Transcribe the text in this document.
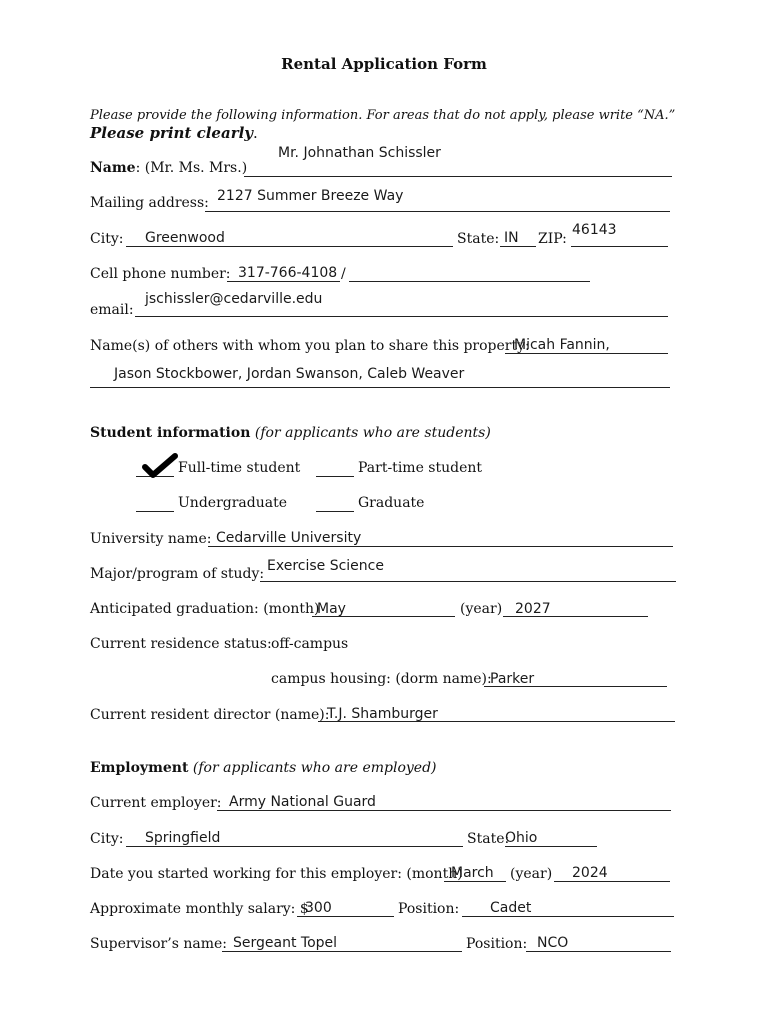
Rental Application Form
Please provide the following information. For areas that do not apply, please write “NA.”
Please print clearly.
Name: (Mr. Ms. Mrs.)
Mr. Johnathan Schissler
Mailing address: 2127 Summer Breeze Way
City: Greenwood	State: IN ZIP:
46143
Cell phone number: 317-766-4108 /
email:
jschissler@cedarville.edu
Name(s) of others with whom you plan to share this property:
Micah Fannin,
Jason Stockbower, Jordan Swanson, Caleb Weaver
Student information (for applicants who are students)
Full-time student	Part-time student
Undergraduate	Graduate
University name: Cedarville University
Major/program of study: Exercise Science
Anticipated graduation: (month)
May	(year) 2027
Current residence status: off-campus
campus housing: (dorm name):
Parker
Current resident director (name):
T.J. Shamburger
Employment (for applicants who are employed)
Current employer: Army National Guard
City: Springfield	State:
Ohio
Date you started working for this employer: (month)
March (year) 2024
Approximate monthly salary: $
300	Position: Cadet
Supervisor’s name: Sergeant Topel	Position: NCO
